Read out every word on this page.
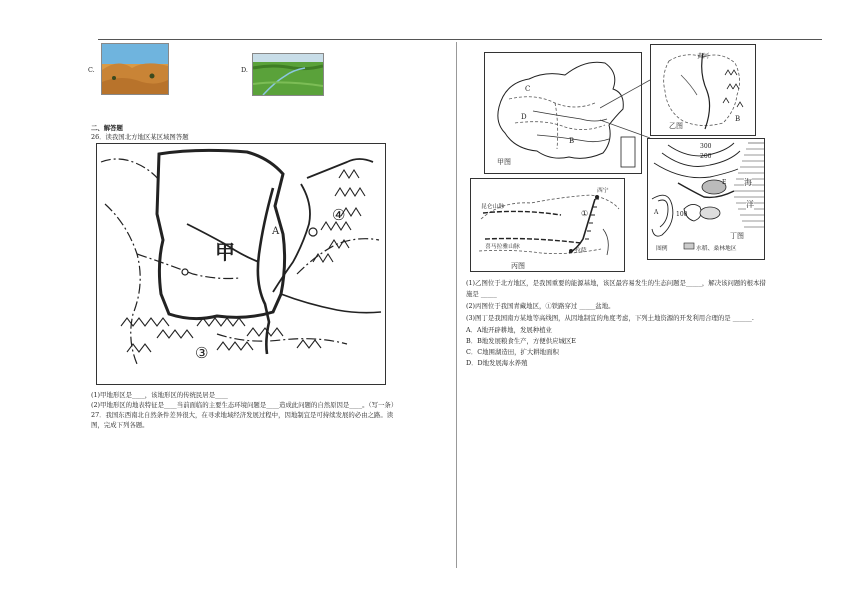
C.	D.
二、解答题
26．读我国北方地区某区域图答题
甲
A
④
③
(1)甲地形区是____，该地形区的传统民居是____
(2)甲地形区的地表特征是____当前面临的主要生态环境问题是____造成此问题的自然原因是____。（写一条）
27．我国东西南北自然条件差异很大，在寻求地域经济发展过程中，因地制宜是可持续发展的必由之路。读
图，完成下列各题。
C
D
B
甲图
黄河
B
乙图
昆仑山脉
西宁
喜马拉雅山脉
拉萨
①
丙图
300
200
100
A
E 海
洋
丁图
图例	水稻、桑林地区
(1)乙图位于北方地区，是我国重要的能源基地，该区最容易发生的生态问题是_____，解决该问题的根本措
施是 _____
(2)丙图位于我国青藏地区，①铁路穿过 _____盆地。
(3)图丁是我国南方某地等高线图，从因地制宜的角度考虑，下列土地资源的开发利用合理的是 ______.
A．A地开辟耕地，发展种植业
B．B地发展粮食生产，方便供应城区E
C．C地围湖造田，扩大耕地面积
D．D地发展海水养殖
